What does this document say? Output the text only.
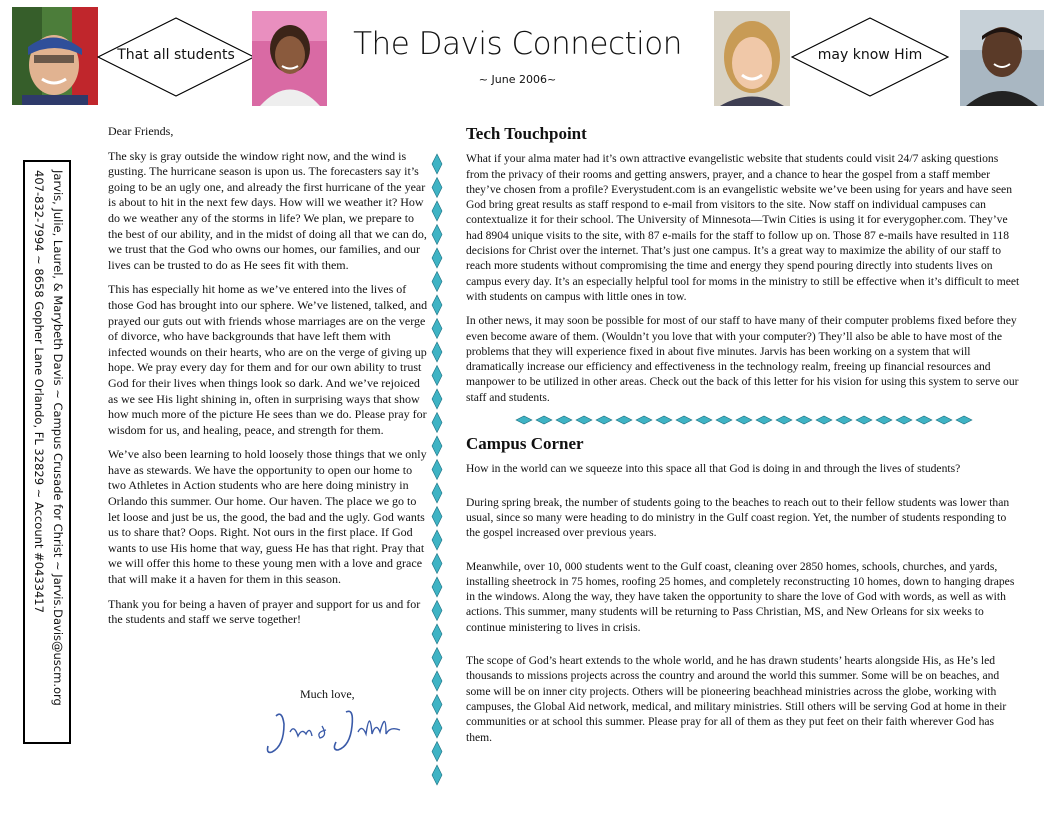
That all students	The Davis Connection
~ June 2006~
may know Him
Jarvis, Julie, Laurel, & Marybeth Davis ~ Campus Crusade for Christ ~ Jarvis.Davis@uscm.org
407-832-7994 ~ 8658 Gopher Lane Orlando, FL 32829 ~ Account #0433417

Dear Friends,

The sky is gray outside the window right now, and the wind is gusting. The hurricane season is upon us. The forecasters say it’s going to be an ugly one, and already the first hurricane of the year is about to hit in the next few days. How will we weather it? How do we weather any of the storms in life? We plan, we prepare to the best of our ability, and in the midst of doing all that we can do, we trust that the God who owns our homes, our families, and our lives can be trusted to do as He sees fit with them.

This has especially hit home as we’ve entered into the lives of those God has brought into our sphere. We’ve listened, talked, and prayed our guts out with friends whose marriages are on the verge of divorce, who have backgrounds that have left them with infected wounds on their hearts, who are on the verge of giving up hope. We pray every day for them and for our own ability to trust God for their lives when things look so dark. And we’ve rejoiced as we see His light shining in, often in surprising ways that show how much more of the picture He sees than we do. Please pray for wisdom for us, and healing, peace, and strength for them.

We’ve also been learning to hold loosely those things that we only have as stewards. We have the opportunity to open our home to two Athletes in Action students who are here doing ministry in Orlando this summer. Our home. Our haven. The place we go to let loose and just be us, the good, the bad and the ugly. God wants us to share that? Oops. Right. Not ours in the first place. If God wants to use His home that way, guess He has that right. Pray that we will offer this home to these young men with a love and grace that will make it a haven for them in this season.

Thank you for being a haven of prayer and support for us and for the students and staff we serve together!

Much love,
Tech Touchpoint

What if your alma mater had it’s own attractive evangelistic website that students could visit 24/7 asking questions from the privacy of their rooms and getting answers, prayer, and a chance to hear the gospel from a staff member they’ve chosen from a profile? Everystudent.com is an evangelistic website we’ve been using for years and have seen God bring great results as staff respond to e-mail from visitors to the site. Now staff on individual campuses can contextualize it for their school. The University of Minnesota—Twin Cities is using it for everygopher.com. They’ve had 8904 unique visits to the site, with 87 e-mails for the staff to follow up on. Those 87 e-mails have resulted in 118 decisions for Christ over the internet. That’s just one campus. It’s a great way to maximize the ability of our staff to reach more students without compromising the time and energy they spend pouring directly into students lives on campus every day. It’s an especially helpful tool for moms in the ministry to still be effective when it’s difficult to meet with students on campus with little ones in tow.

In other news, it may soon be possible for most of our staff to have many of their computer problems fixed before they even become aware of them. (Wouldn’t you love that with your computer?) They’ll also be able to have most of the problems that they will experience fixed in about five minutes. Jarvis has been working on a system that will dramatically increase our efficiency and effectiveness in the technology realm, freeing up financial resources and manpower to be utilized in other areas. Check out the back of this letter for his vision for using this system to serve our staff and students.

Campus Corner

How in the world can we squeeze into this space all that God is doing in and through the lives of students?

During spring break, the number of students going to the beaches to reach out to their fellow students was lower than usual, since so many were heading to do ministry in the Gulf coast region. Yet, the number of students responding to the gospel increased over previous years.

Meanwhile, over 10, 000 students went to the Gulf coast, cleaning over 2850 homes, schools, churches, and yards, installing sheetrock in 75 homes, roofing 25 homes, and completely reconstructing 10 homes, down to hanging drapes in the windows. Along the way, they have taken the opportunity to share the love of God with words, as well as with actions. This summer, many students will be returning to Pass Christian, MS, and New Orleans for six weeks to continue ministering to lives in crisis.

The scope of God’s heart extends to the whole world, and he has drawn students’ hearts alongside His, as He’s led thousands to missions projects across the country and around the world this summer. Some will be on beaches, and some will be on inner city projects. Others will be pioneering beachhead ministries across the globe, working with campuses, the Global Aid network, medical, and military ministries. Still others will be serving God at home in their communities or at school this summer. Please pray for all of them as they put feet on their faith wherever God has them.
